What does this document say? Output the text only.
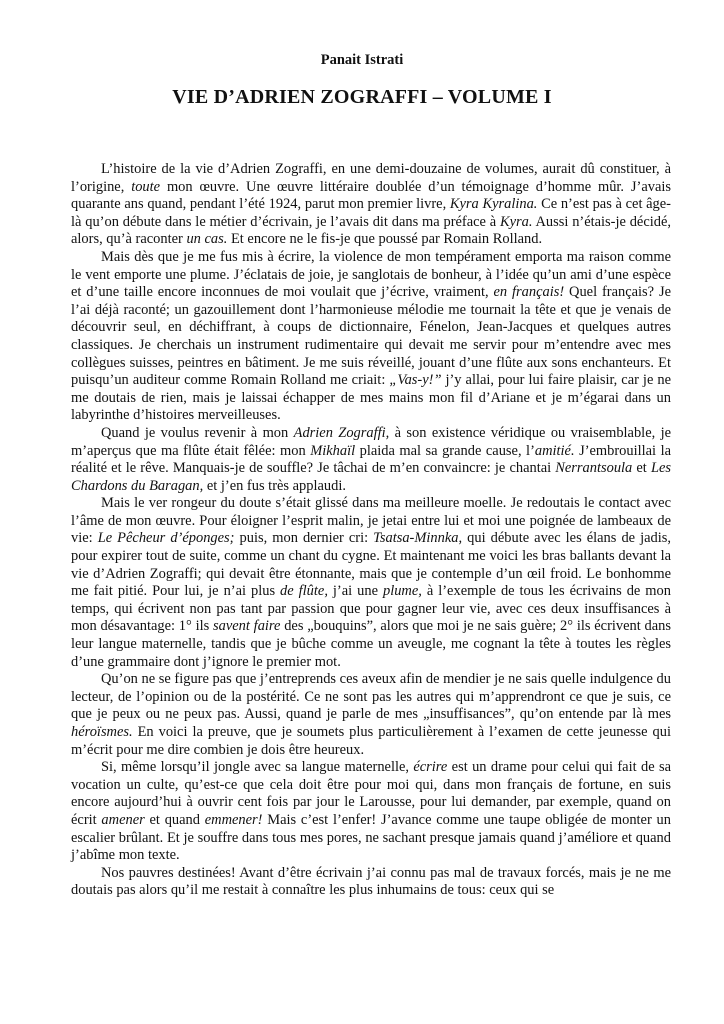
Panait Istrati
VIE D’ADRIEN ZOGRAFFI – VOLUME I

L’histoire de la vie d’Adrien Zograffi, en une demi-douzaine de volumes, aurait dû constituer, à l’origine, toute mon œuvre. Une œuvre littéraire doublée d’un témoignage d’homme mûr. J’avais quarante ans quand, pendant l’été 1924, parut mon premier livre, Kyra Kyralina. Ce n’est pas à cet âge-là qu’on débute dans le métier d’écrivain, je l’avais dit dans ma préface à Kyra. Aussi n’étais-je décidé, alors, qu’à raconter un cas. Et encore ne le fis-je que poussé par Romain Rolland.

Mais dès que je me fus mis à écrire, la violence de mon tempérament emporta ma raison comme le vent emporte une plume. J’éclatais de joie, je sanglotais de bonheur, à l’idée qu’un ami d’une espèce et d’une taille encore inconnues de moi voulait que j’écrive, vraiment, en français! Quel français? Je l’ai déjà raconté; un gazouillement dont l’harmonieuse mélodie me tournait la tête et que je venais de découvrir seul, en déchiffrant, à coups de dictionnaire, Fénelon, Jean-Jacques et quelques autres classiques. Je cherchais un instrument rudimentaire qui devait me servir pour m’entendre avec mes collègues suisses, peintres en bâtiment. Je me suis réveillé, jouant d’une flûte aux sons enchanteurs. Et puisqu’un auditeur comme Romain Rolland me criait: „Vas-y!” j’y allai, pour lui faire plaisir, car je ne me doutais de rien, mais je laissai échapper de mes mains mon fil d’Ariane et je m’égarai dans un labyrinthe d’histoires merveilleuses.

Quand je voulus revenir à mon Adrien Zograffi, à son existence véridique ou vraisemblable, je m’aperçus que ma flûte était fêlée: mon Mikhaïl plaida mal sa grande cause, l’amitié. J’embrouillai la réalité et le rêve. Manquais-je de souffle? Je tâchai de m’en convaincre: je chantai Nerrantsoula et Les Chardons du Baragan, et j’en fus très applaudi.

Mais le ver rongeur du doute s’était glissé dans ma meilleure moelle. Je redoutais le contact avec l’âme de mon œuvre. Pour éloigner l’esprit malin, je jetai entre lui et moi une poignée de lambeaux de vie: Le Pêcheur d’éponges; puis, mon dernier cri: Tsatsa-Minnka, qui débute avec les élans de jadis, pour expirer tout de suite, comme un chant du cygne. Et maintenant me voici les bras ballants devant la vie d’Adrien Zograffi; qui devait être étonnante, mais que je contemple d’un œil froid. Le bonhomme me fait pitié. Pour lui, je n’ai plus de flûte, j’ai une plume, à l’exemple de tous les écrivains de mon temps, qui écrivent non pas tant par passion que pour gagner leur vie, avec ces deux insuffisances à mon désavantage: 1° ils savent faire des „bouquins”, alors que moi je ne sais guère; 2° ils écrivent dans leur langue maternelle, tandis que je bûche comme un aveugle, me cognant la tête à toutes les règles d’une grammaire dont j’ignore le premier mot.

Qu’on ne se figure pas que j’entreprends ces aveux afin de mendier je ne sais quelle indulgence du lecteur, de l’opinion ou de la postérité. Ce ne sont pas les autres qui m’apprendront ce que je suis, ce que je peux ou ne peux pas. Aussi, quand je parle de mes „insuffisances”, qu’on entende par là mes héroïsmes. En voici la preuve, que je soumets plus particulièrement à l’examen de cette jeunesse qui m’écrit pour me dire combien je dois être heureux.

Si, même lorsqu’il jongle avec sa langue maternelle, écrire est un drame pour celui qui fait de sa vocation un culte, qu’est-ce que cela doit être pour moi qui, dans mon français de fortune, en suis encore aujourd’hui à ouvrir cent fois par jour le Larousse, pour lui demander, par exemple, quand on écrit amener et quand emmener! Mais c’est l’enfer! J’avance comme une taupe obligée de monter un escalier brûlant. Et je souffre dans tous mes pores, ne sachant presque jamais quand j’améliore et quand j’abîme mon texte.

Nos pauvres destinées! Avant d’être écrivain j’ai connu pas mal de travaux forcés, mais je ne me doutais pas alors qu’il me restait à connaître les plus inhumains de tous: ceux qui se
